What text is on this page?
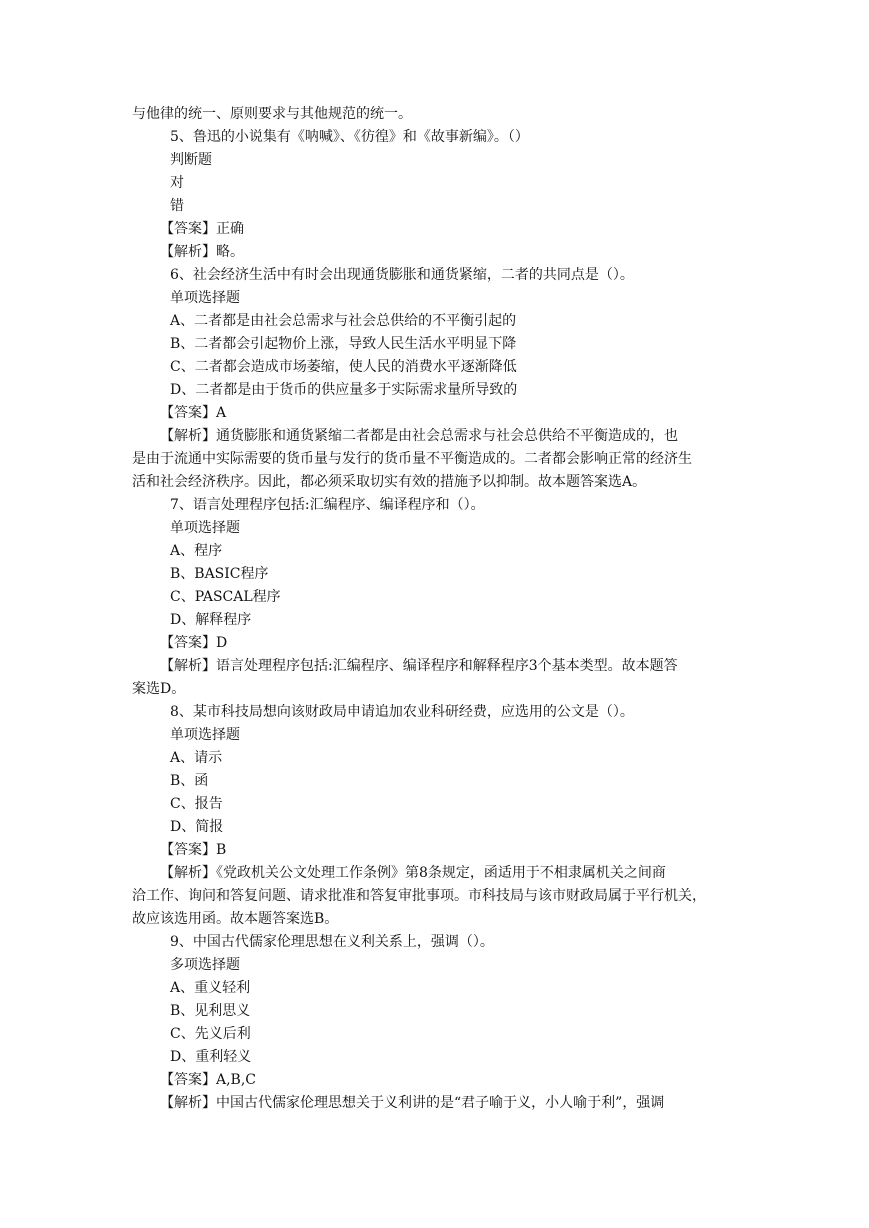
与他律的统一、原则要求与其他规范的统一。
5、鲁迅的小说集有《呐喊》、《彷徨》和《故事新编》。（）
判断题
对
错
【答案】正确
【解析】略。
6、社会经济生活中有时会出现通货膨胀和通货紧缩，二者的共同点是（）。
单项选择题
A、二者都是由社会总需求与社会总供给的不平衡引起的
B、二者都会引起物价上涨，导致人民生活水平明显下降
C、二者都会造成市场萎缩，使人民的消费水平逐渐降低
D、二者都是由于货币的供应量多于实际需求量所导致的
【答案】A
【解析】通货膨胀和通货紧缩二者都是由社会总需求与社会总供给不平衡造成的，也
是由于流通中实际需要的货币量与发行的货币量不平衡造成的。二者都会影响正常的经济生
活和社会经济秩序。因此，都必须采取切实有效的措施予以抑制。故本题答案选A。
7、语言处理程序包括:汇编程序、编译程序和（）。
单项选择题
A、程序
B、BASIC程序
C、PASCAL程序
D、解释程序
【答案】D
【解析】语言处理程序包括:汇编程序、编译程序和解释程序3个基本类型。故本题答
案选D。
8、某市科技局想向该财政局申请追加农业科研经费，应选用的公文是（）。
单项选择题
A、请示
B、函
C、报告
D、简报
【答案】B
【解析】《党政机关公文处理工作条例》第8条规定，函适用于不相隶属机关之间商
洽工作、询问和答复问题、请求批准和答复审批事项。市科技局与该市财政局属于平行机关，
故应该选用函。故本题答案选B。
9、中国古代儒家伦理思想在义利关系上，强调（）。
多项选择题
A、重义轻利
B、见利思义
C、先义后利
D、重利轻义
【答案】A,B,C
【解析】中国古代儒家伦理思想关于义利讲的是“君子喻于义，小人喻于利”，强调
